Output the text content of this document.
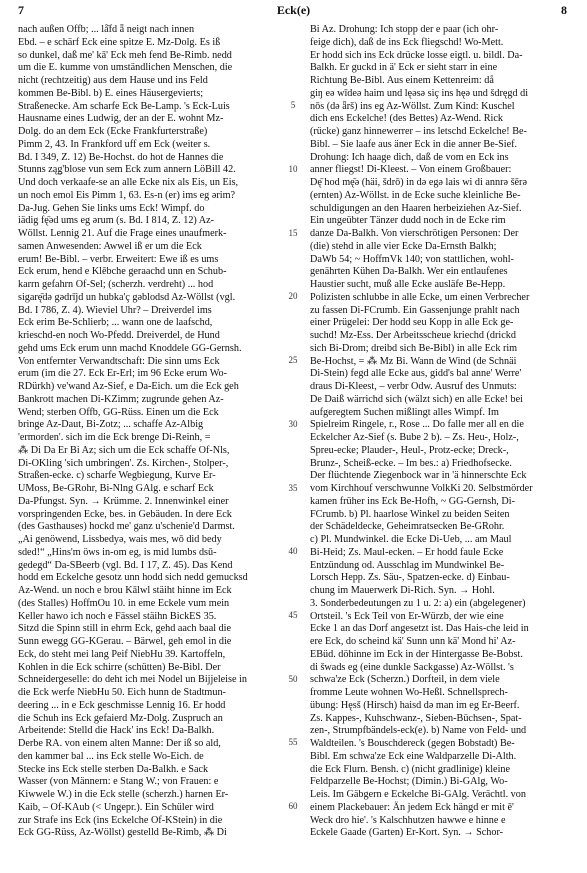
7	Eck(e)	8
nach außen Offb; ... lå̄fd ǟ neigt nach innen
Ebd. – e schärf Eck eine spitze E. Mz-Dolg. Es iß
so dunkel, daß me' kā' Eck meh fend Be-Rimb. nedd
um die E. kumme von umständlichen Menschen, die
nicht (rechtzeitig) aus dem Hause und ins Feld
kommen Be-Bibl. b) E. eines Häusergevierts;
Straßenecke. Am scharfe Eck Be-Lamp. 's Eck-Luis
Hausname eines Ludwig, der an der E. wohnt Mz-
Dolg. do an dem Eck (Ecke Frankfurterstraße)
Pimm 2, 43. In Frankford uff em Eck (weiter s.
Bd. I 349, Z. 12) Be-Hochst. do hot de Hannes die
Stunns ząǥ'blose vun sem Eck zum annern LöBill 42.
Und doch verkaafe-se an alle Ecke nix als Eis, un Eis,
un noch emol Eis Pimm 1, 63. Es-n (er) ims eg ərim?
Da-Jug. Gehen Sie links ums Eck! Wimpf. do
iädig fę̄əd ums eg ərum (s. Bd. I 814, Z. 12) Az-
Wöllst. Lennig 21. Auf die Frage eines unaufmerk-
samen Anwesenden: Awwel iß er um die Eck
erum! Be-Bibl. – verbr. Erweitert: Ewe iß es ums
Eck erum, hend e Klēbche geraachd unn en Schub-
karrn gefahrn Of-Sel; (scherzh. verdreht) ... hod
sigarę̄də gədrījd un hubka'ç gəblodsd Az-Wöllst (vgl.
Bd. I 786, Z. 4). Wieviel Uhr? – Dreiverdel ims
Eck erim Be-Schlierb; ... wann one de laafschd,
krieschd-en noch Wo-Pfedd. Dreiverdel, de Hund
gehd ums Eck erum unn machd Knoddele GG-Gernsh.
Von entfernter Verwandtschaft: Die sinn ums Eck
erum (im die 27. Eck Er-Erl; im 96 Ecke erum Wo-
RDürkh) ve'wand Az-Sief, e Da-Eich. um die Eck geh
Bankrott machen Di-KZimm; zugrunde gehen Az-
Wend; sterben Offb, GG-Rüss. Einen um die Eck
bringe Az-Daut, Bi-Zotz; ... schaffe Az-Albig
'ermorden'. sich im die Eck brenge Di-Reinh, =
⁂ Di Da Er Bi Az; sich um die Eck schaffe Of-Nls,
Di-OKling 'sich umbringen'. Zs. Kirchen-, Stolper-,
Straßen-ecke. c) scharfe Wegbiegung, Kurve Er-
UMoss, Be-GRohr, Bi-Nlng GAlg. e scharf Eck
Da-Pfungst. Syn. → Krümme. 2. Innenwinkel einer
vorspringenden Ecke, bes. in Gebäuden. In dere Eck
(des Gasthauses) hockd me' ganz u'schenie'd Darmst.
„Ai genöwend, Lissbedyə, wais mes, wō did bedy
sded!“ „Hins'm öws in-om eg, is mid lumbs dsū-
gedegd“ Da-SBeerb (vgl. Bd. I 17, Z. 45). Das Kend
hodd em Eckelche gesotz unn hodd sich nedd gemucksd
Az-Wend. un noch e brou Kālwl stäiht hinne im Eck
(des Stalles) HoffmOu 10. in eme Eckele vum mein
Keller hawo ich noch e Fässel stäihn BickES 35.
Sitzd die Spinn still in ehrm Eck, gehd aach baal die
Sunn ewegg GG-KGerau. – Bärwel, geh emol in die
Eck, do steht mei lang Peif NiebHu 39. Kartoffeln,
Kohlen in die Eck schirre (schütten) Be-Bibl. Der
Schneidergeselle: do deht ich mei Nodel un Bijjeleise in
die Eck werfe NiebHu 50. Eich hunn de Stadtmun-
deering ... in e Eck geschmisse Lennig 16. Er hodd
die Schuh ins Eck gefaierd Mz-Dolg. Zuspruch an
Arbeitende: Stelld die Hack' ins Eck! Da-Balkh.
Derbe RA. von einem alten Manne: Der iß so ald,
den kammer bal ... ins Eck stelle Wo-Eich. de
Stecke ins Eck stelle sterben Da-Balkh. e Sack
Wasser (von Männern: e Stang W.; von Frauen: e
Kiwwele W.) in die Eck stelle (scherzh.) harnen Er-
Kaib, – Of-KAub (< Ungepr.). Ein Schüler wird
zur Strafe ins Eck (ins Eckelche Of-KStein) in die
Eck GG-Rüss, Az-Wöllst) gestelld Be-Rimb, ⁂ Di
5
10
15
20
25
30
35
40
45
50
55
60
Bi Az. Drohung: Ich stopp der e paar (ich ohr-
feige dich), daß de ins Eck fliegschd! Wo-Mett.
Er hodd sich ins Eck drücke losse eigtl. u. bildl. Da-
Balkh. Er guckd in ä' Eck er sieht starr in eine
Richtung Be-Bibl. Aus einem Kettenreim: då
giŋ eǝ wīdeǝ haim und lęǝsǝ siç ins hęǝ und šdręgd di
nōs (dǝ ǟrš) ins eg Az-Wöllst. Zum Kind: Kuschel
dich ens Eckelche! (des Bettes) Az-Wend. Rick
(rücke) ganz hinnewerrer – ins letschd Eckelche! Be-
Bibl. – Sie laafe aus äner Eck in die anner Be-Sief.
Drohung: Ich haage dich, daß de vom en Eck ins
anner fliegst! Di-Kleest. – Von einem Großbauer:
Dę̄ hod mę̄ə (häi, šdrō) in də egə lais wi di annrə šērə
(ernten) Az-Wöllst. in de Ecke suche kleinliche Be-
schuldigungen an den Haaren herbeiziehen Az-Sief.
Ein ungeübter Tänzer dudd noch in de Ecke rim
danze Da-Balkh. Von vierschrötigen Personen: Der
(die) stehd in alle vier Ecke Da-Ernsth Balkh;
DaWb 54; ~ HoffmVk 140; von stattlichen, wohl-
genährten Kühen Da-Balkh. Wer ein entlaufenes
Haustier sucht, muß alle Ecke ausläfe Be-Hepp.
Polizisten schlubbe in alle Ecke, um einen Verbrecher
zu fassen Di-FCrumb. Ein Gassenjunge prahlt nach
einer Prügelei: Der hodd seu Kopp in alle Eck ge-
suchd! Mz-Ess. Der Arbeitsscheue kriechd (drickd
sich Bi-Drom; dreibd sich Be-Bibl) in alle Eck rim
Be-Hochst, = ⁂ Mz Bi. Wann de Wind (de Schnäi
Di-Stein) fegd alle Ecke aus, gidd's bal anne' Werre'
draus Di-Kleest, – verbr Odw. Ausruf des Unmuts:
De Daiß wärrichd sich (wälzt sich) en alle Ecke! bei
aufgeregtem Suchen mißlingt alles Wimpf. Im
Spielreim Ringele, r., Rose ... Do falle mer all en die
Eckelcher Az-Sief (s. Bube 2 b). – Zs. Heu-, Holz-,
Spreu-ecke; Plauder-, Heul-, Protz-ecke; Dreck-,
Brunz-, Scheiß-ecke. – Im bes.: a) Friedhofsecke.
Der flüchtende Ziegenbock war in 'ä hinnerschte Eck
vom Kirchhouf verschwunne VolkKi 20. Selbstmörder
kamen früher ins Eck Be-Hofh, ~ GG-Gernsh, Di-
FCrumb. b) Pl. haarlose Winkel zu beiden Seiten
der Schädeldecke, Geheimratsecken Be-GRohr.
c) Pl. Mundwinkel. die Ecke Di-Ueb, ... am Maul
Bi-Heid; Zs. Maul-ecken. – Er hodd faule Ecke
Entzündung od. Ausschlag im Mundwinkel Be-
Lorsch Hepp. Zs. Säu-, Spatzen-ecke. d) Einbau-
chung im Mauerwerk Di-Rich. Syn. → Hohl.
3. Sonderbedeutungen zu 1 u. 2: a) ein (abgelegener)
Ortsteil. 's Eck Teil von Er-Würzb, der wie eine
Ecke 1 an das Dorf angesetzt ist. Das Hais-che leid in
ere Eck, do scheind kä' Sunn unn kä' Mond hi' Az-
EBüd. döhinne im Eck in der Hintergasse Be-Bobst.
di šwads eg (eine dunkle Sackgasse) Az-Wöllst. 's
schwa'ze Eck (Scherzn.) Dorfteil, in dem viele
fromme Leute wohnen Wo-Heßl. Schnellsprech-
übung: Hęsš (Hirsch) haisd də man im eg Er-Beerf.
Zs. Kappes-, Kuhschwanz-, Sieben-Büchsen-, Spat-
zen-, Strumpfbändels-eck(e). b) Name von Feld- und
Waldteilen. 's Bouschdereck (gegen Bobstadt) Be-
Bibl. Em schwa'ze Eck eine Waldparzelle Di-Alth.
die Eck Flurn. Bensh. c) (nicht gradlinige) kleine
Feldparzelle Be-Hochst; (Dimin.) Bi-GAlg, Wo-
Leis. Im Gäbgern e Eckelche Bi-GAlg. Verächtl. von
einem Plackebauer: Än jedem Eck hängd er mit ē'
Weck dro hie'. 's Kalschhutzen hawwe e hinne e
Eckele Gaade (Garten) Er-Kort. Syn. → Schor-
